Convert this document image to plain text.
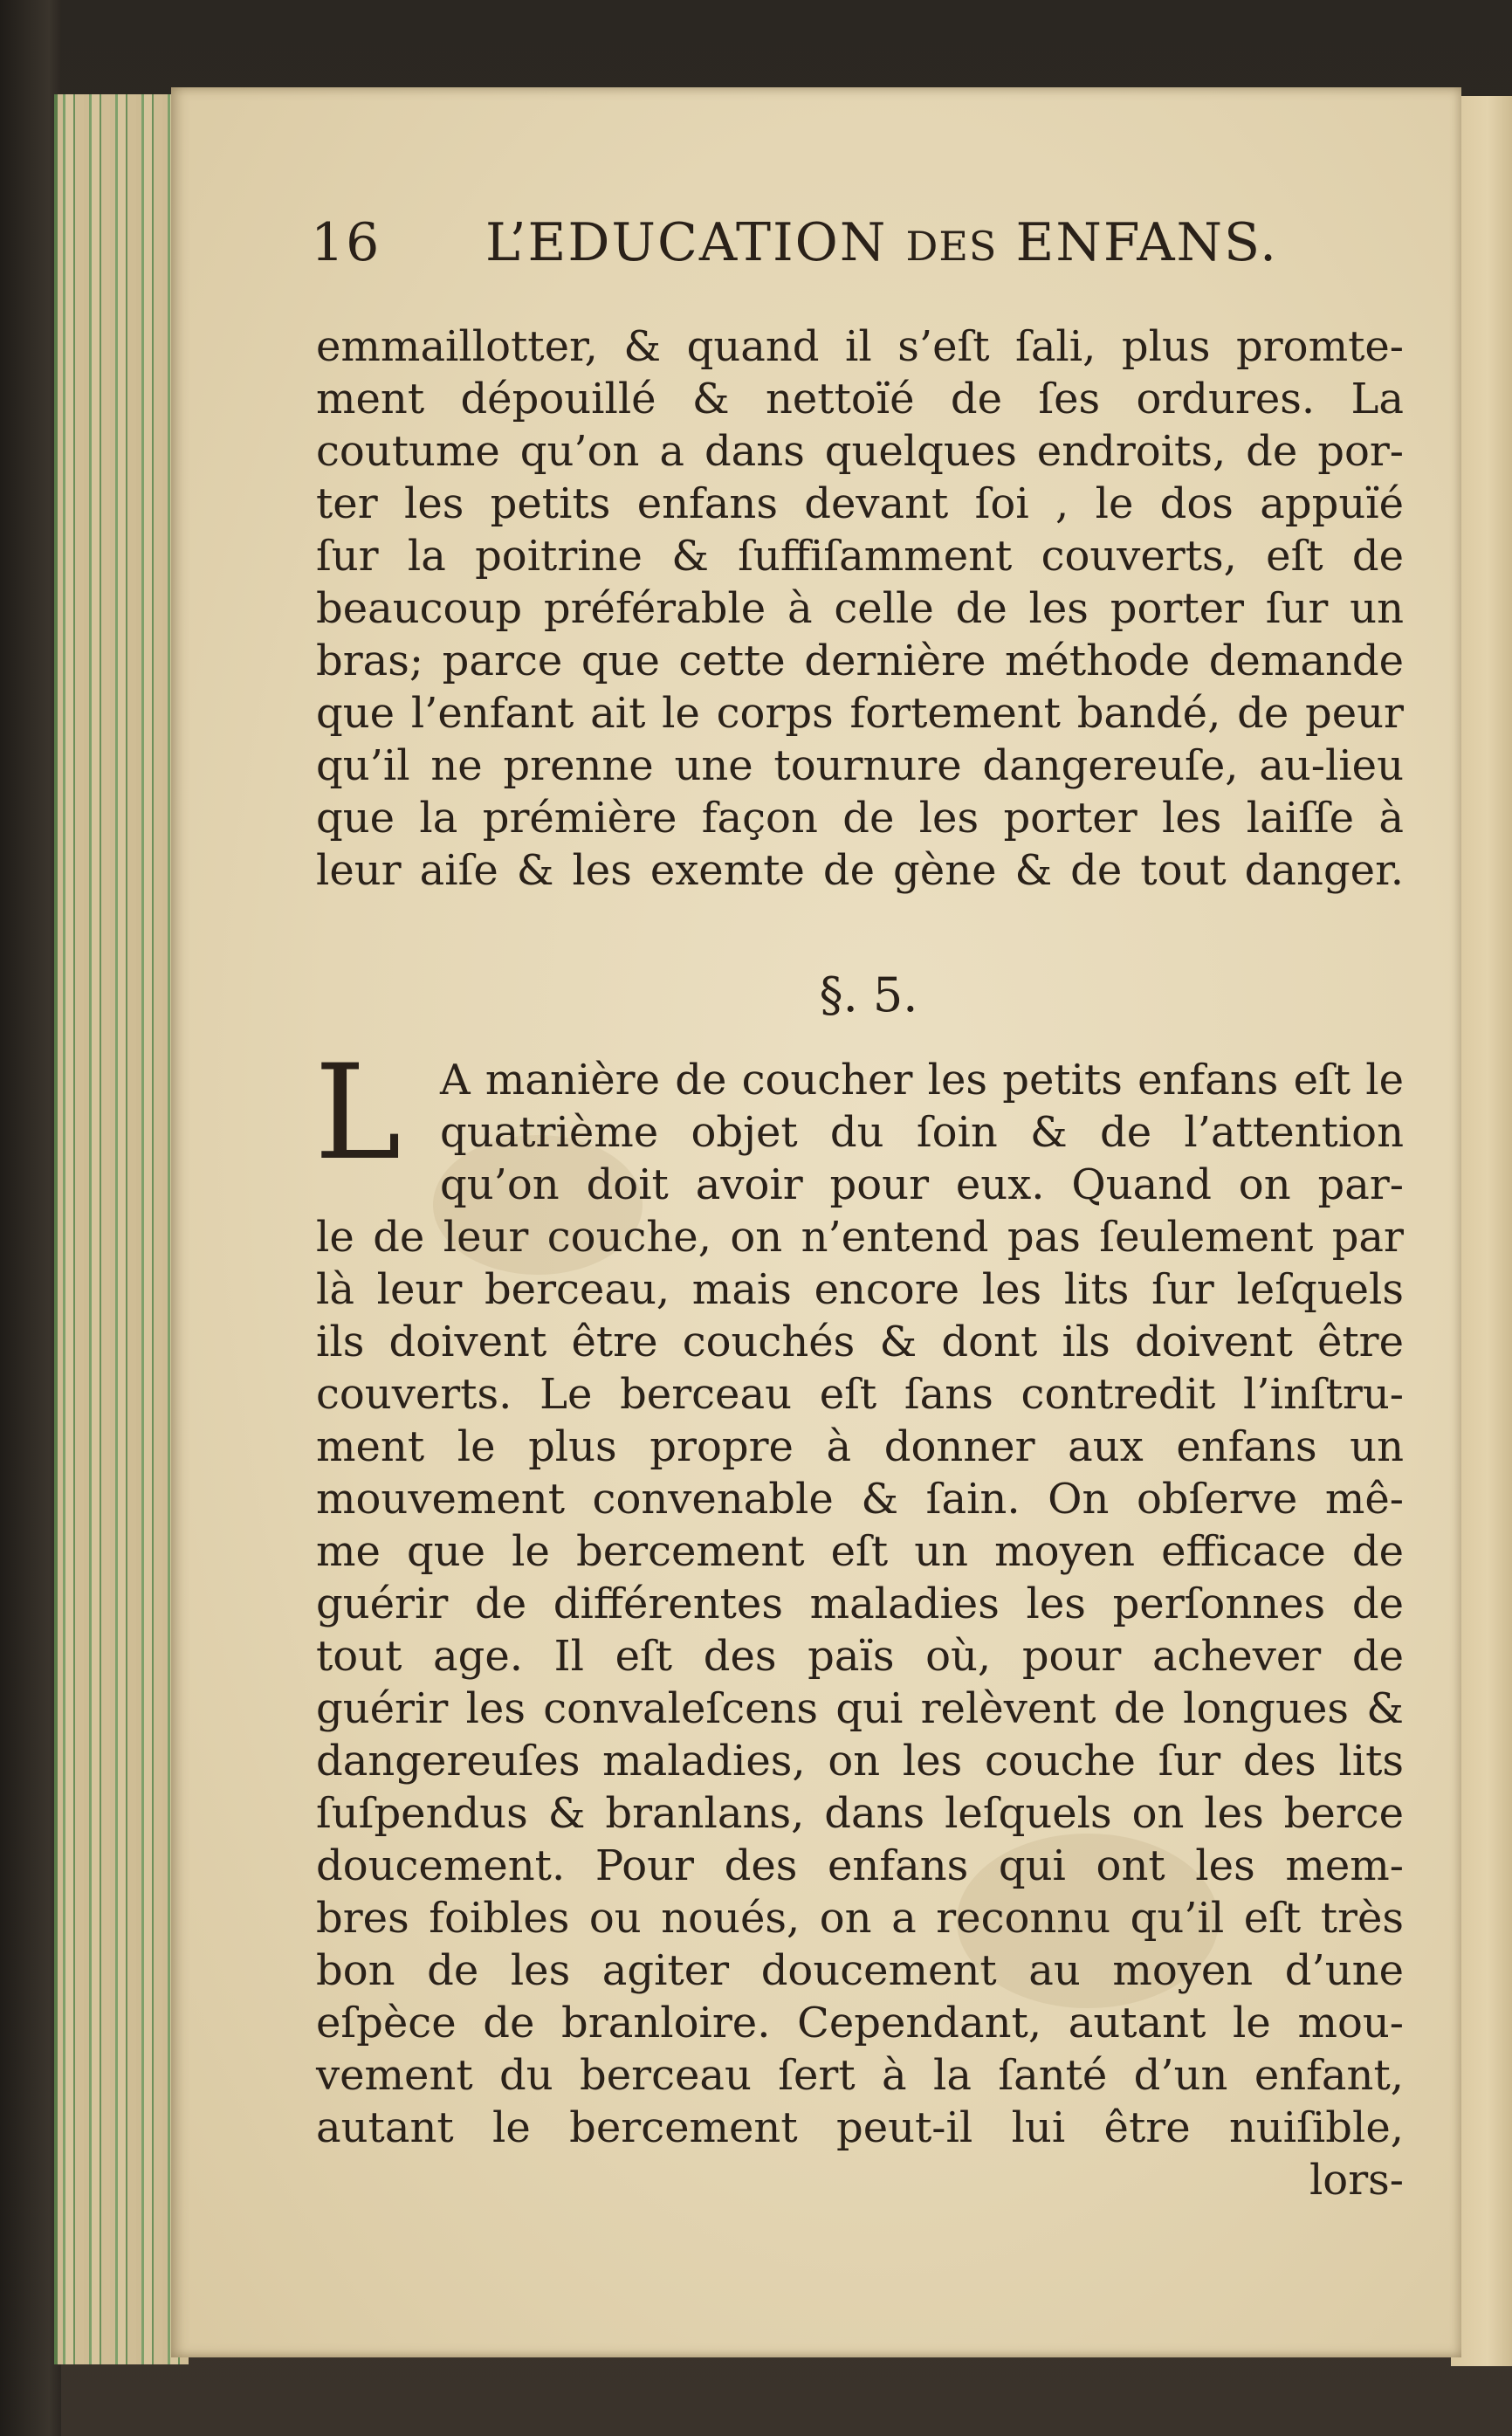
16 L’EDUCATION DES ENFANS.
emmaillotter, & quand il s’eſt ſali, plus promte-
ment dépouillé & nettoïé de ſes ordures. La
coutume qu’on a dans quelques endroits, de por-
ter les petits enfans devant ſoi , le dos appuïé
ſur la poitrine & ſuffiſamment couverts, eſt de
beaucoup préférable à celle de les porter ſur un
bras; parce que cette dernière méthode demande
que l’enfant ait le corps fortement bandé, de peur
qu’il ne prenne une tournure dangereuſe, au-lieu
que la prémière façon de les porter les laiſſe à
leur aiſe & les exemte de gène & de tout danger.
§. 5.
L A manière de coucher les petits enfans eſt le
quatrième objet du ſoin & de l’attention
qu’on doit avoir pour eux. Quand on par-
le de leur couche, on n’entend pas ſeulement par
là leur berceau, mais encore les lits ſur leſquels
ils doivent être couchés & dont ils doivent être
couverts. Le berceau eſt ſans contredit l’inſtru-
ment le plus propre à donner aux enfans un
mouvement convenable & ſain. On obſerve mê-
me que le bercement eſt un moyen efficace de
guérir de différentes maladies les perſonnes de
tout age. Il eſt des païs où, pour achever de
guérir les convaleſcens qui relèvent de longues &
dangereuſes maladies, on les couche ſur des lits
ſuſpendus & branlans, dans leſquels on les berce
doucement. Pour des enfans qui ont les mem-
bres foibles ou noués, on a reconnu qu’il eſt très
bon de les agiter doucement au moyen d’une
eſpèce de branloire. Cependant, autant le mou-
vement du berceau ſert à la ſanté d’un enfant,
autant le bercement peut-il lui être nuiſible,
lors-
